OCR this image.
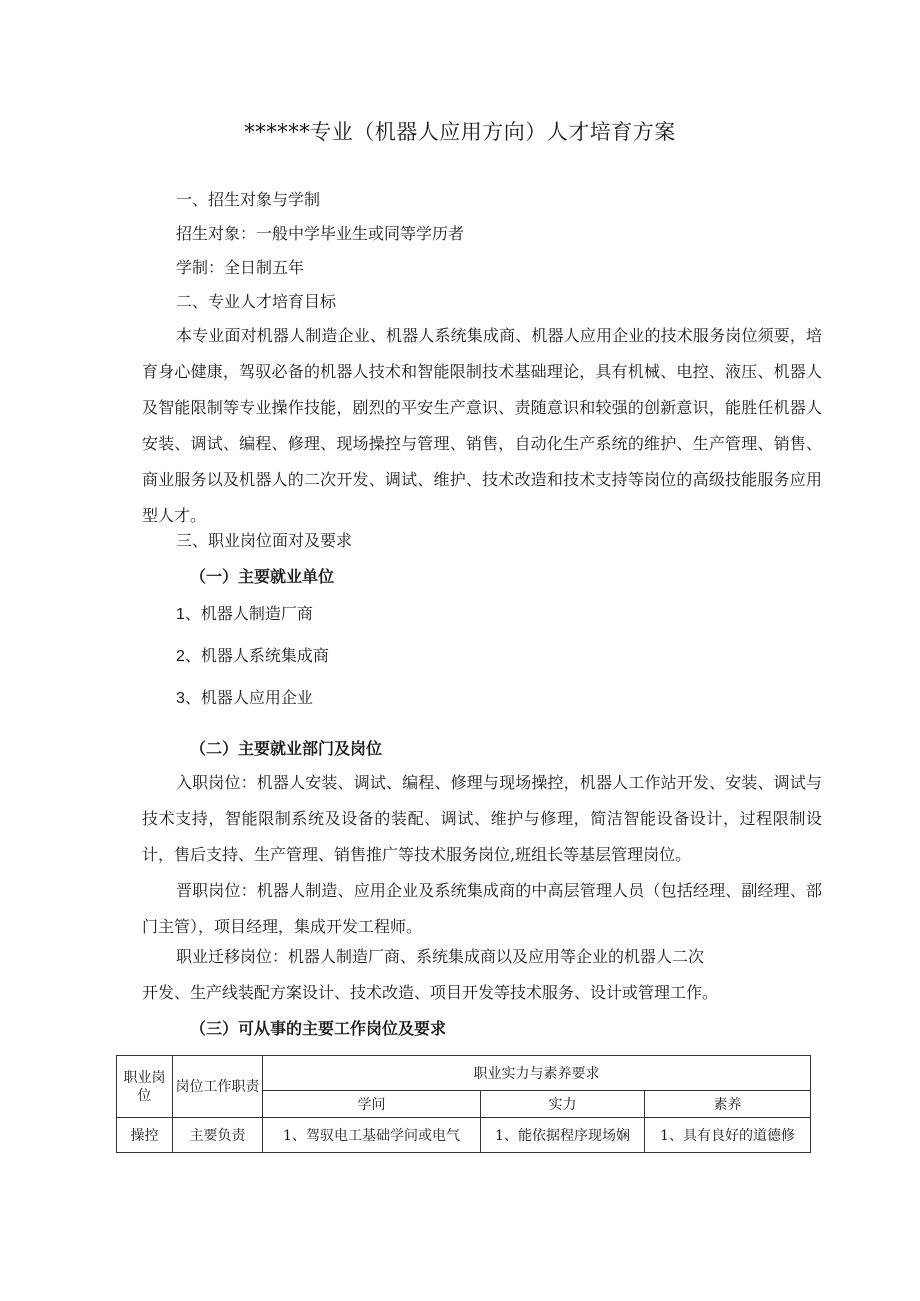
******专业（机器人应用方向）人才培育方案

一、招生对象与学制

招生对象：一般中学毕业生或同等学历者

学制：全日制五年

二、专业人才培育目标

本专业面对机器人制造企业、机器人系统集成商、机器人应用企业的技术服务岗位须要，培育身心健康，驾驭必备的机器人技术和智能限制技术基础理论，具有机械、电控、液压、机器人及智能限制等专业操作技能，剧烈的平安生产意识、责随意识和较强的创新意识，能胜任机器人安装、调试、编程、修理、现场操控与管理、销售，自动化生产系统的维护、生产管理、销售、商业服务以及机器人的二次开发、调试、维护、技术改造和技术支持等岗位的高级技能服务应用型人才。

三、职业岗位面对及要求

（一）主要就业单位

1、机器人制造厂商

2、机器人系统集成商

3、机器人应用企业

（二）主要就业部门及岗位

入职岗位：机器人安装、调试、编程、修理与现场操控，机器人工作站开发、安装、调试与技术支持，智能限制系统及设备的装配、调试、维护与修理，简洁智能设备设计，过程限制设计，售后支持、生产管理、销售推广等技术服务岗位,班组长等基层管理岗位。

晋职岗位：机器人制造、应用企业及系统集成商的中高层管理人员（包括经理、副经理、部门主管），项目经理，集成开发工程师。

职业迁移岗位：机器人制造厂商、系统集成商以及应用等企业的机器人二次

开发、生产线装配方案设计、技术改造、项目开发等技术服务、设计或管理工作。

（三）可从事的主要工作岗位及要求

职业岗位	岗位工作职责	职业实力与素养要求		
		学问	实力	素养
操控	主要负责	1、驾驭电工基础学问或电气	1、能依据程序现场娴	1、具有良好的道德修
